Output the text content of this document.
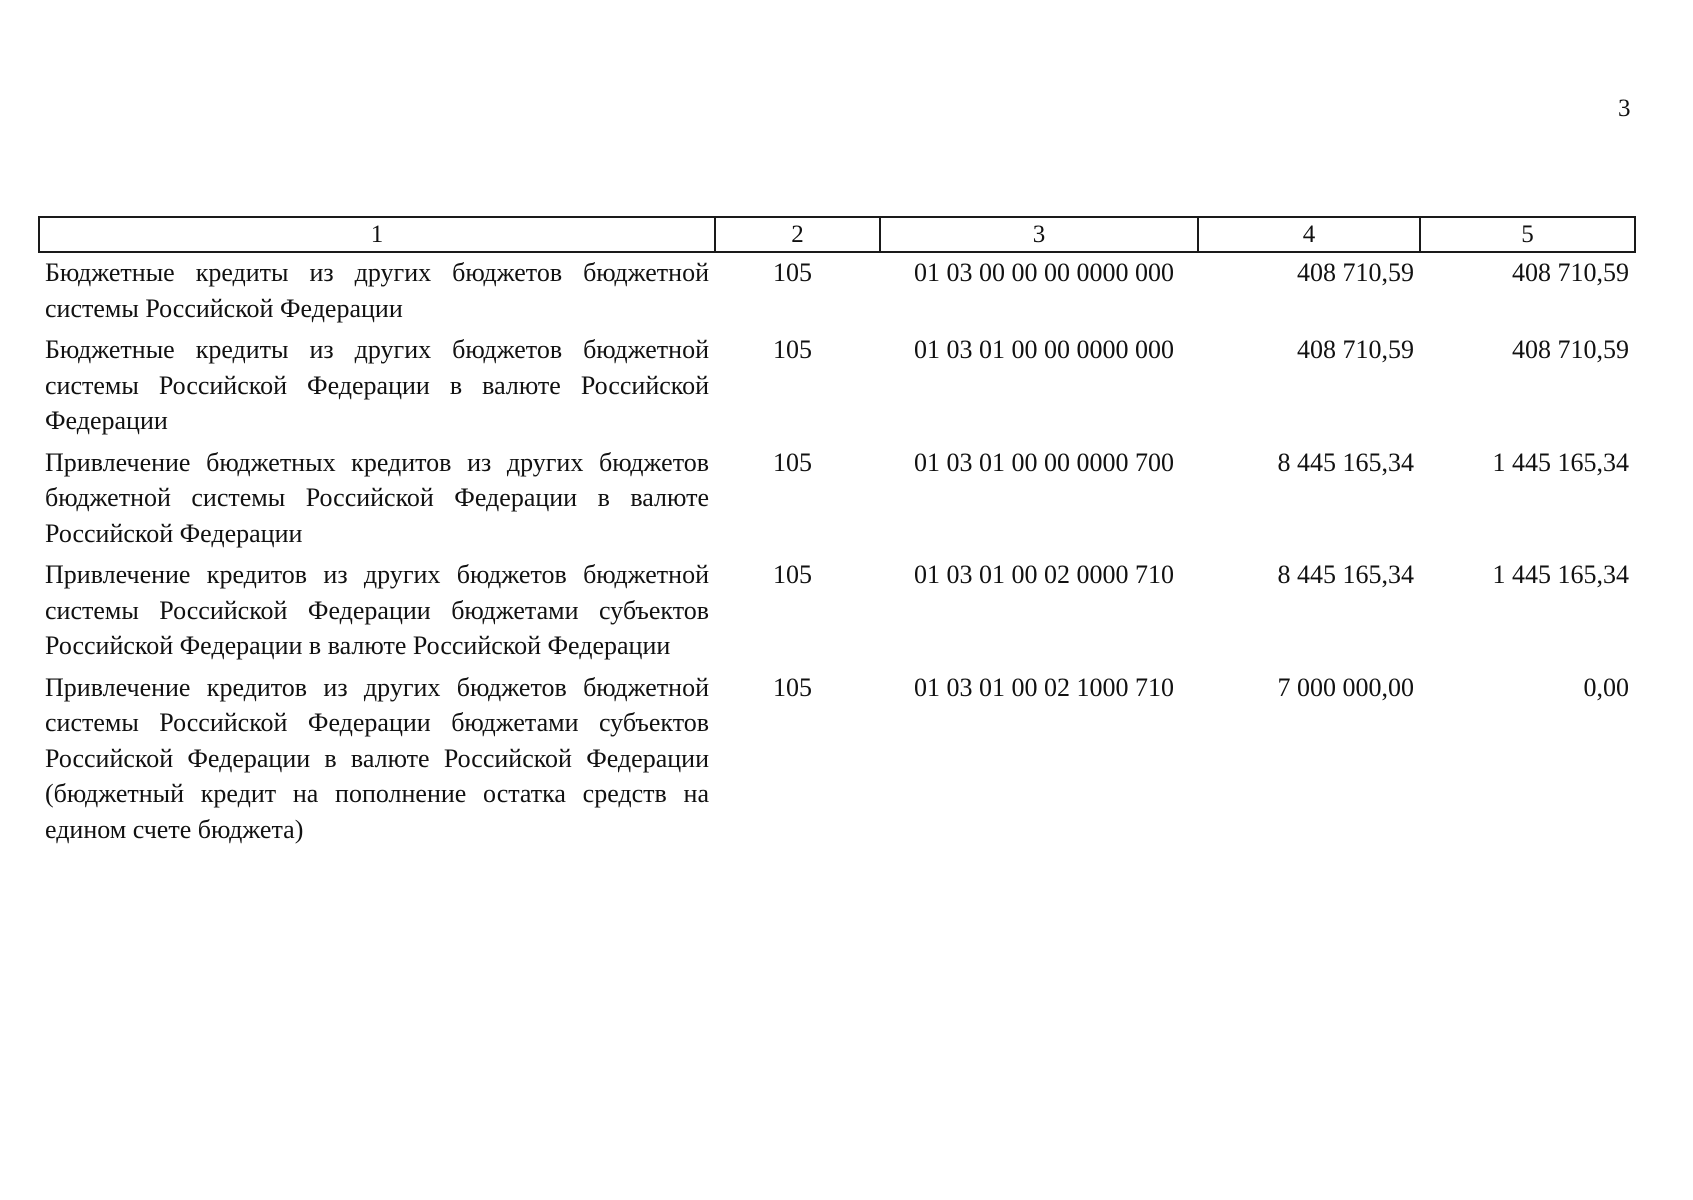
3
1	2	3	4	5
Бюджетные кредиты из других бюджетов бюджетной системы Российской Федерации	105	01 03 00 00 00 0000 000	408 710,59	408 710,59
Бюджетные кредиты из других бюджетов бюджетной системы Российской Федерации в валюте Российской Федерации	105	01 03 01 00 00 0000 000	408 710,59	408 710,59
Привлечение бюджетных кредитов из других бюджетов бюджетной системы Российской Федерации в валюте Российской Федерации	105	01 03 01 00 00 0000 700	8 445 165,34	1 445 165,34
Привлечение кредитов из других бюджетов бюджетной системы Российской Федерации бюджетами субъектов Российской Федерации в валюте Российской Федерации	105	01 03 01 00 02 0000 710	8 445 165,34	1 445 165,34
Привлечение кредитов из других бюджетов бюджетной системы Российской Федерации бюджетами субъектов Российской Федерации в валюте Российской Федерации (бюджетный кредит на пополнение остатка средств на едином счете бюджета)	105	01 03 01 00 02 1000 710	7 000 000,00	0,00
